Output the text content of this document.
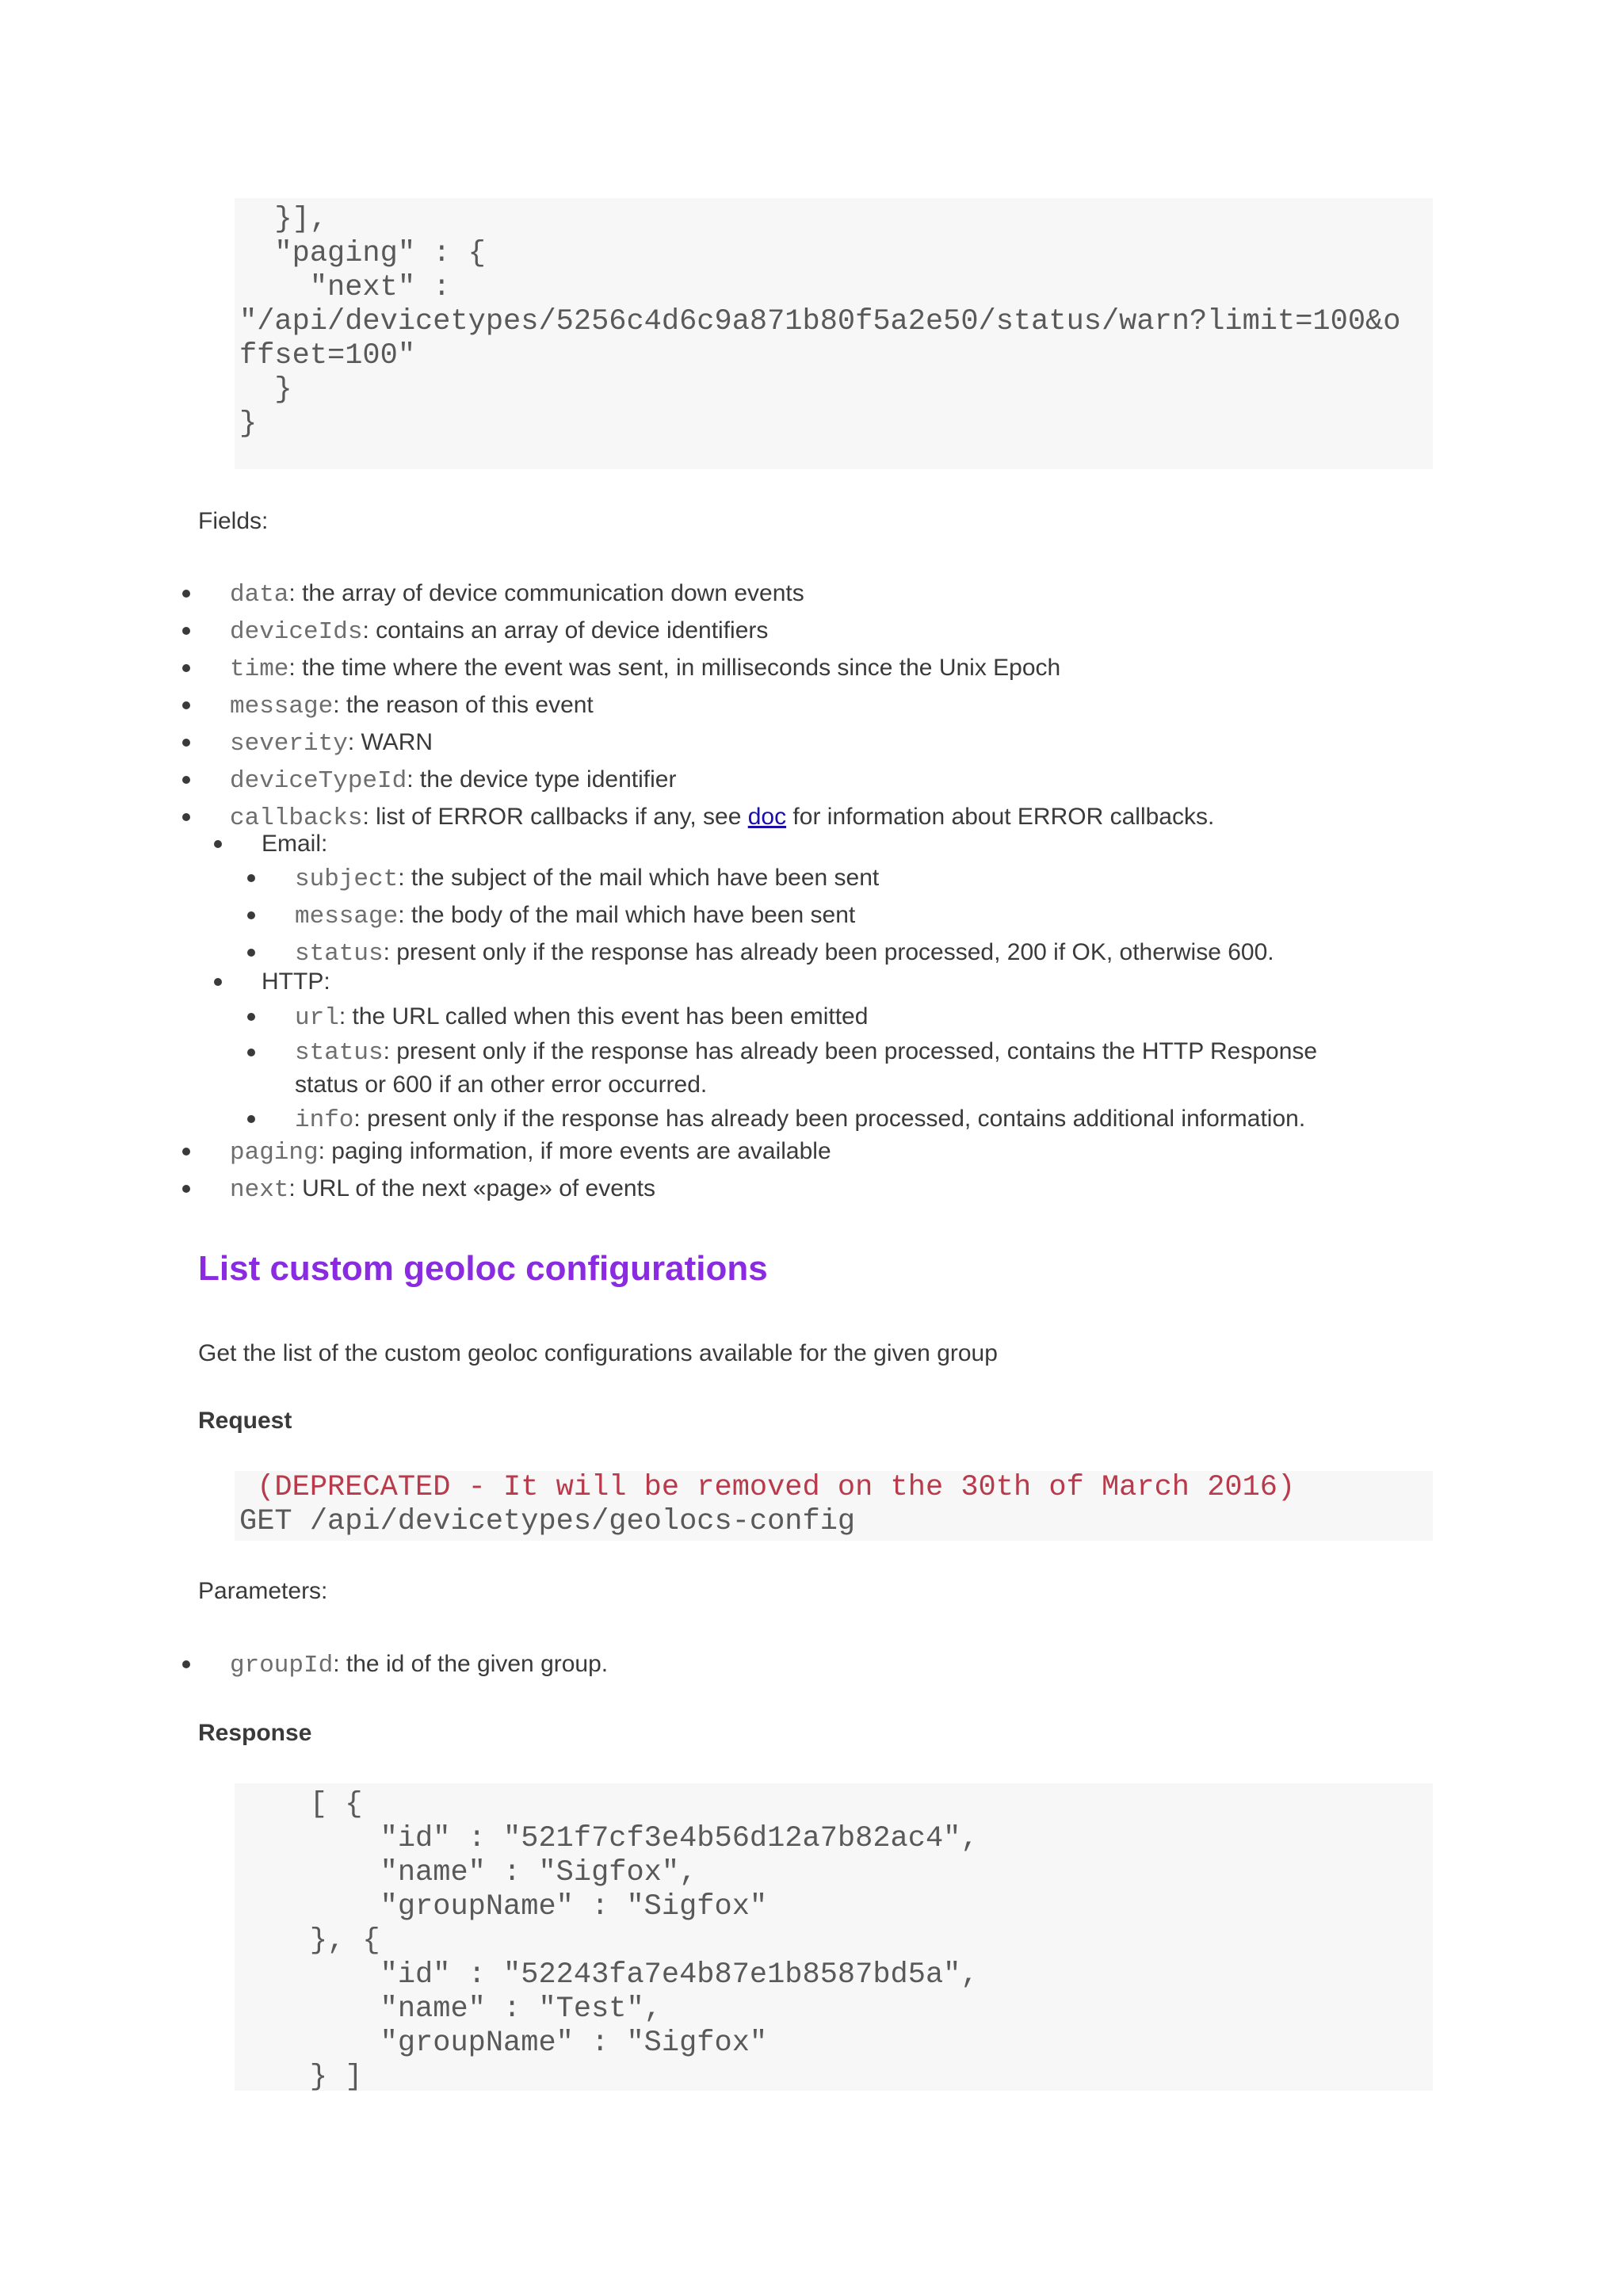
}],
"paging" : {
"next" :
"/api/devicetypes/5256c4d6c9a871b80f5a2e50/status/warn?limit=100&o
ffset=100"
}
}
Fields:
data: the array of device communication down events
deviceIds: contains an array of device identifiers
time: the time where the event was sent, in milliseconds since the Unix Epoch
message: the reason of this event
severity: WARN
deviceTypeId: the device type identifier
callbacks: list of ERROR callbacks if any, see doc for information about ERROR callbacks.
Email:
subject: the subject of the mail which have been sent
message: the body of the mail which have been sent
status: present only if the response has already been processed, 200 if OK, otherwise 600.
HTTP:
url: the URL called when this event has been emitted
status: present only if the response has already been processed, contains the HTTP Response
status or 600 if an other error occurred.
info: present only if the response has already been processed, contains additional information.
paging: paging information, if more events are available
next: URL of the next «page» of events
List custom geoloc configurations
Get the list of the custom geoloc configurations available for the given group
Request
(DEPRECATED - It will be removed on the 30th of March 2016)
GET /api/devicetypes/geolocs-config
Parameters:
groupId: the id of the given group.
Response
[ {
"id" : "521f7cf3e4b56d12a7b82ac4",
"name" : "Sigfox",
"groupName" : "Sigfox"
}, {
"id" : "52243fa7e4b87e1b8587bd5a",
"name" : "Test",
"groupName" : "Sigfox"
} ]
